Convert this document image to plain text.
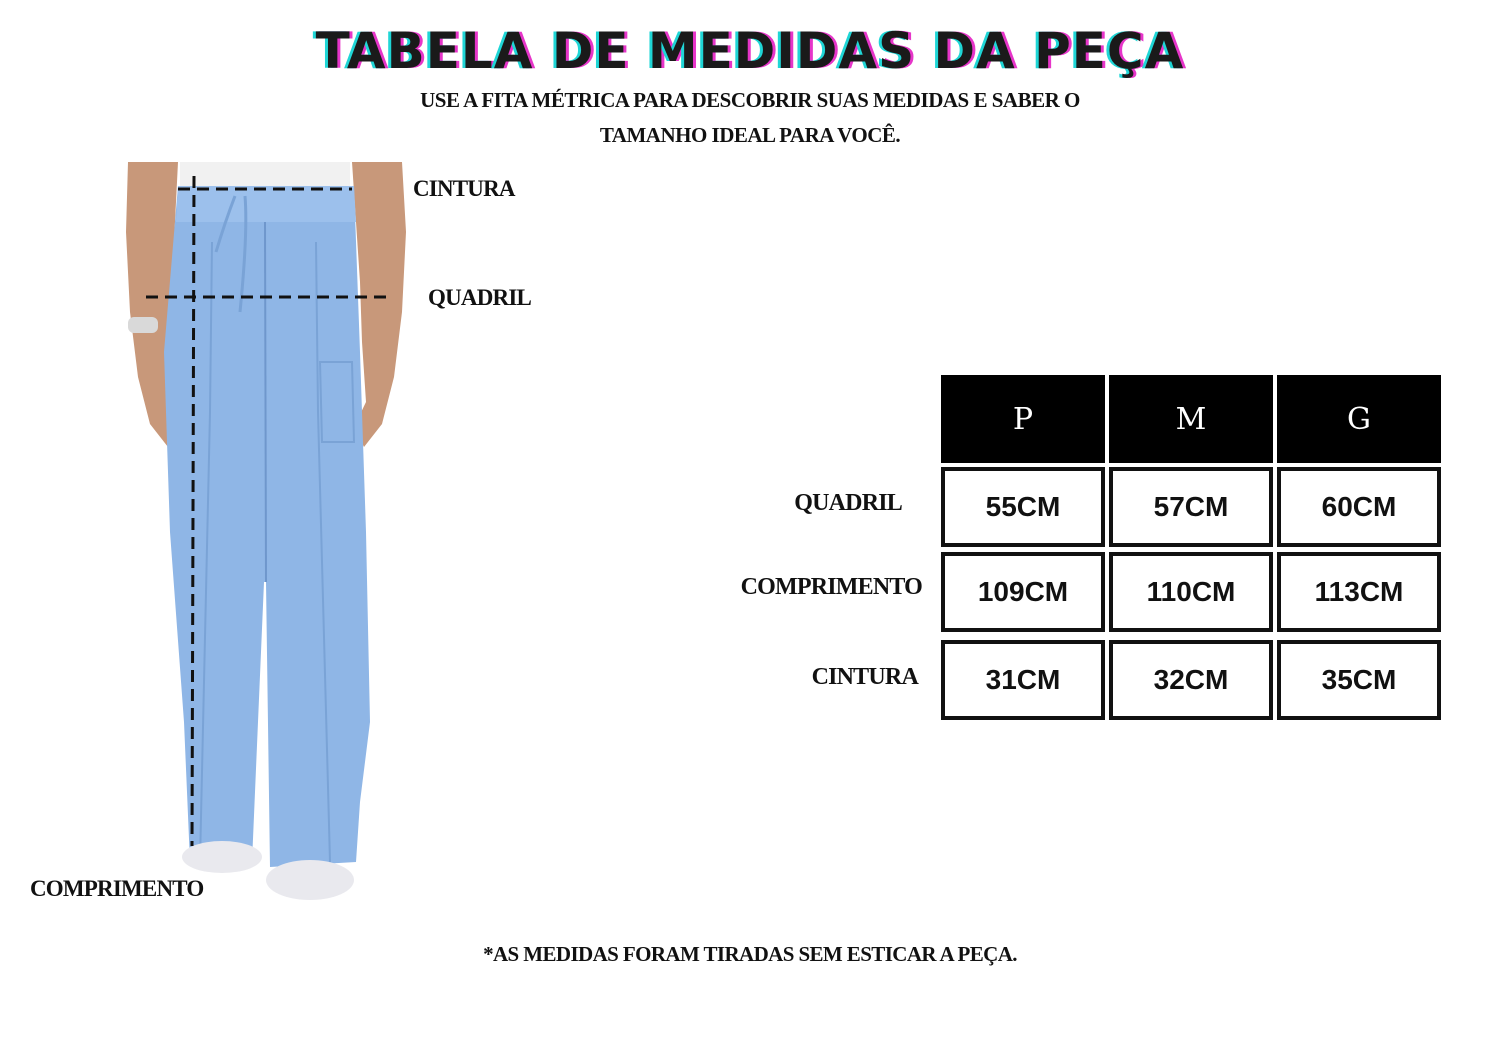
TABELA DE MEDIDAS DA PEÇA

USE A FITA MÉTRICA PARA DESCOBRIR SUAS MEDIDAS E SABER O

TAMANHO IDEAL PARA VOCÊ.

CINTURA

QUADRIL

COMPRIMENTO

P	M	G
QUADRIL	55CM	57CM	60CM
COMPRIMENTO	109CM	110CM	113CM
CINTURA	31CM	32CM	35CM

*AS MEDIDAS FORAM TIRADAS SEM ESTICAR A PEÇA.
